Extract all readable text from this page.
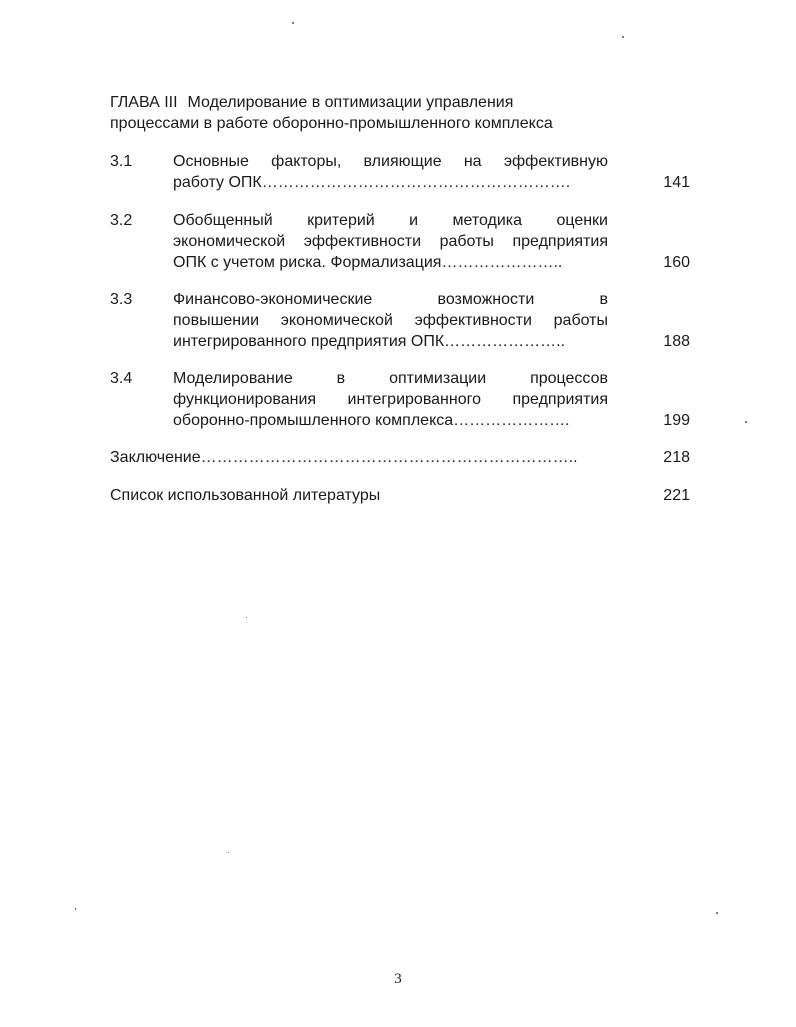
ГЛАВА III Моделирование в оптимизации управления
процессами в работе оборонно-промышленного комплекса

3.1	Основные факторы, влияющие на эффективную
работу ОПК………………………………………………….	141
3.2	Обобщенный критерий и методика оценки
экономической эффективности работы предприятия
ОПК с учетом риска. Формализация…………………..	160
3.3	Финансово-экономические возможности в
повышении экономической эффективности работы
интегрированного предприятия ОПК…………………..	188
3.4	Моделирование в оптимизации процессов
функционирования интегрированного предприятия
оборонно-промышленного комплекса………………….	199
Заключение……………………………………………………………..	218
Список использованной литературы	221
3
